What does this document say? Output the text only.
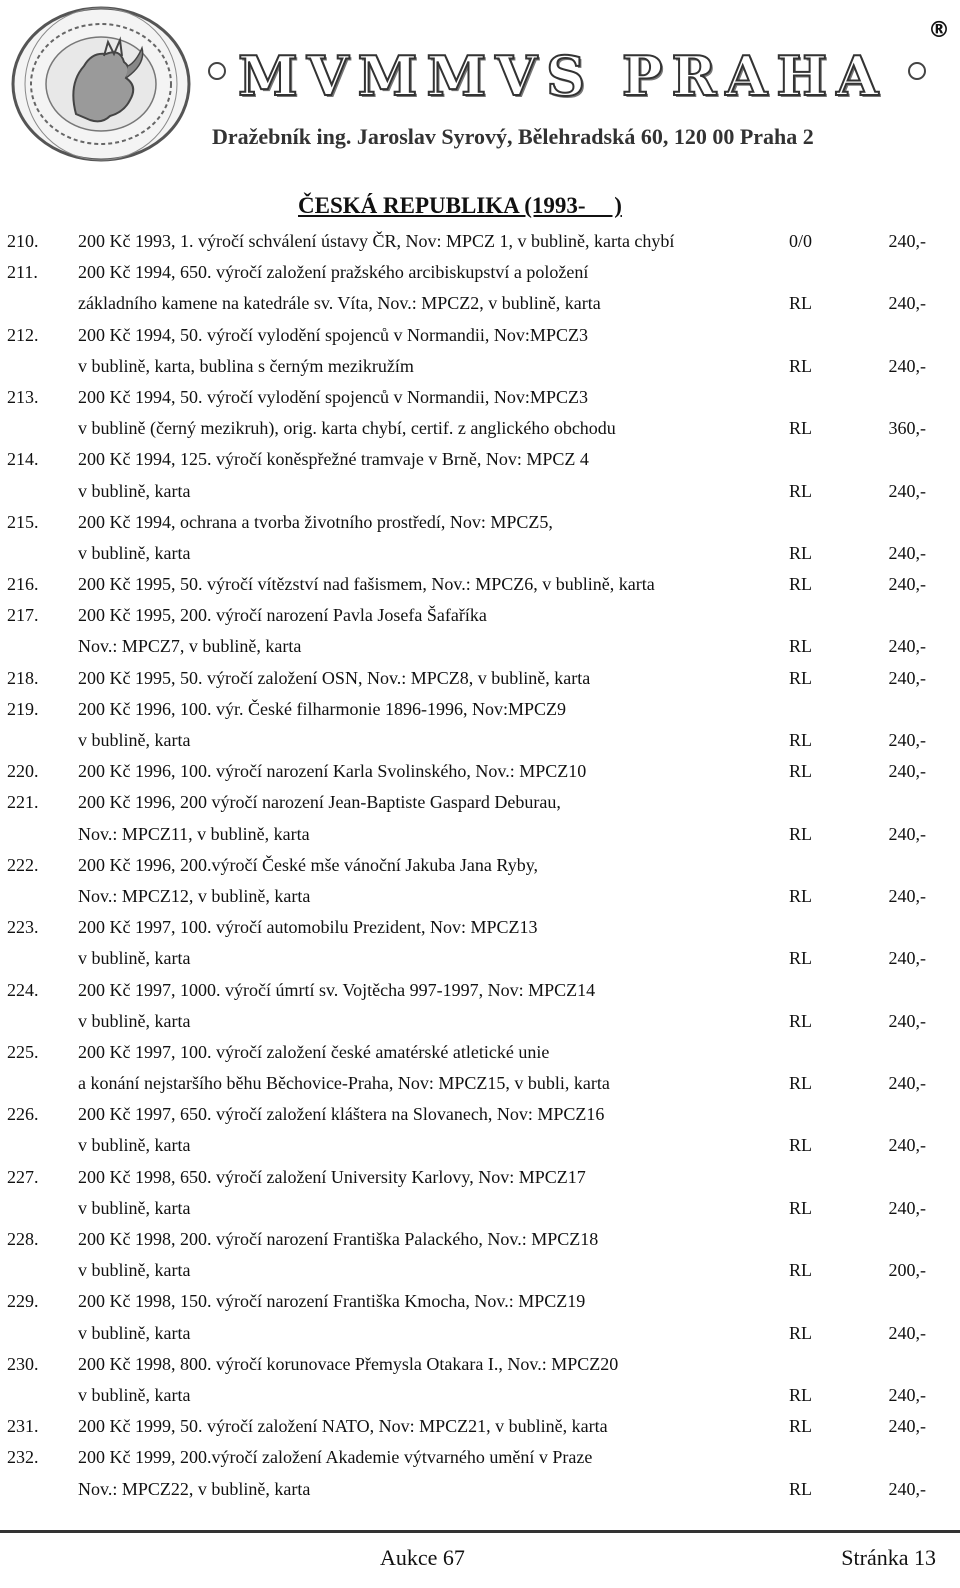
®
MVMMVS PRAHA
Dražebník ing. Jaroslav Syrový, Bělehradská 60, 120 00 Praha 2
ČESKÁ REPUBLIKA (1993-     )
210. 200 Kč 1993, 1. výročí schválení ústavy ČR, Nov: MPCZ 1, v bublině, karta chybí	0/0	240,-
211. 200 Kč 1994, 650. výročí založení pražského arcibiskupství a položení
základního kamene na katedrále sv. Víta, Nov.: MPCZ2, v bublině, karta	RL	240,-
212. 200 Kč 1994, 50. výročí vylodění spojenců v Normandii, Nov:MPCZ3
v bublině, karta, bublina s černým mezikružím	RL	240,-
213. 200 Kč 1994, 50. výročí vylodění spojenců v Normandii, Nov:MPCZ3
v bublině (černý mezikruh), orig. karta chybí, certif. z anglického obchodu	RL	360,-
214. 200 Kč 1994, 125. výročí koněspřežné tramvaje v Brně, Nov: MPCZ 4
v bublině, karta	RL	240,-
215. 200 Kč 1994, ochrana a tvorba životního prostředí, Nov: MPCZ5,
v bublině, karta	RL	240,-
216. 200 Kč 1995, 50. výročí vítězství nad fašismem, Nov.: MPCZ6, v bublině, karta	RL	240,-
217. 200 Kč 1995, 200. výročí narození Pavla Josefa Šafaříka
Nov.: MPCZ7, v bublině, karta	RL	240,-
218. 200 Kč 1995, 50. výročí založení OSN, Nov.: MPCZ8, v bublině, karta	RL	240,-
219. 200 Kč 1996, 100. výr. České filharmonie 1896-1996, Nov:MPCZ9
v bublině, karta	RL	240,-
220. 200 Kč 1996, 100. výročí narození Karla Svolinského, Nov.: MPCZ10	RL	240,-
221. 200 Kč 1996, 200 výročí narození Jean-Baptiste Gaspard Deburau,
Nov.: MPCZ11, v bublině, karta	RL	240,-
222. 200 Kč 1996, 200.výročí České mše vánoční Jakuba Jana Ryby,
Nov.: MPCZ12, v bublině, karta	RL	240,-
223. 200 Kč 1997, 100. výročí automobilu Prezident, Nov: MPCZ13
v bublině, karta	RL	240,-
224. 200 Kč 1997, 1000. výročí úmrtí sv. Vojtěcha 997-1997, Nov: MPCZ14
v bublině, karta	RL	240,-
225. 200 Kč 1997, 100. výročí založení české amatérské atletické unie
a konání nejstaršího běhu Běchovice-Praha, Nov: MPCZ15, v bubli, karta	RL	240,-
226. 200 Kč 1997, 650. výročí založení kláštera na Slovanech, Nov: MPCZ16
v bublině, karta	RL	240,-
227. 200 Kč 1998, 650. výročí založení University Karlovy, Nov: MPCZ17
v bublině, karta	RL	240,-
228. 200 Kč 1998, 200. výročí narození Františka Palackého, Nov.: MPCZ18
v bublině, karta	RL	200,-
229. 200 Kč 1998, 150. výročí narození Františka Kmocha, Nov.: MPCZ19
v bublině, karta	RL	240,-
230. 200 Kč 1998, 800. výročí korunovace Přemysla Otakara I., Nov.: MPCZ20
v bublině, karta	RL	240,-
231. 200 Kč 1999, 50. výročí založení NATO, Nov: MPCZ21, v bublině, karta	RL	240,-
232. 200 Kč 1999, 200.výročí založení Akademie výtvarného umění v Praze
Nov.: MPCZ22, v bublině, karta	RL	240,-
Aukce 67	Stránka 13
